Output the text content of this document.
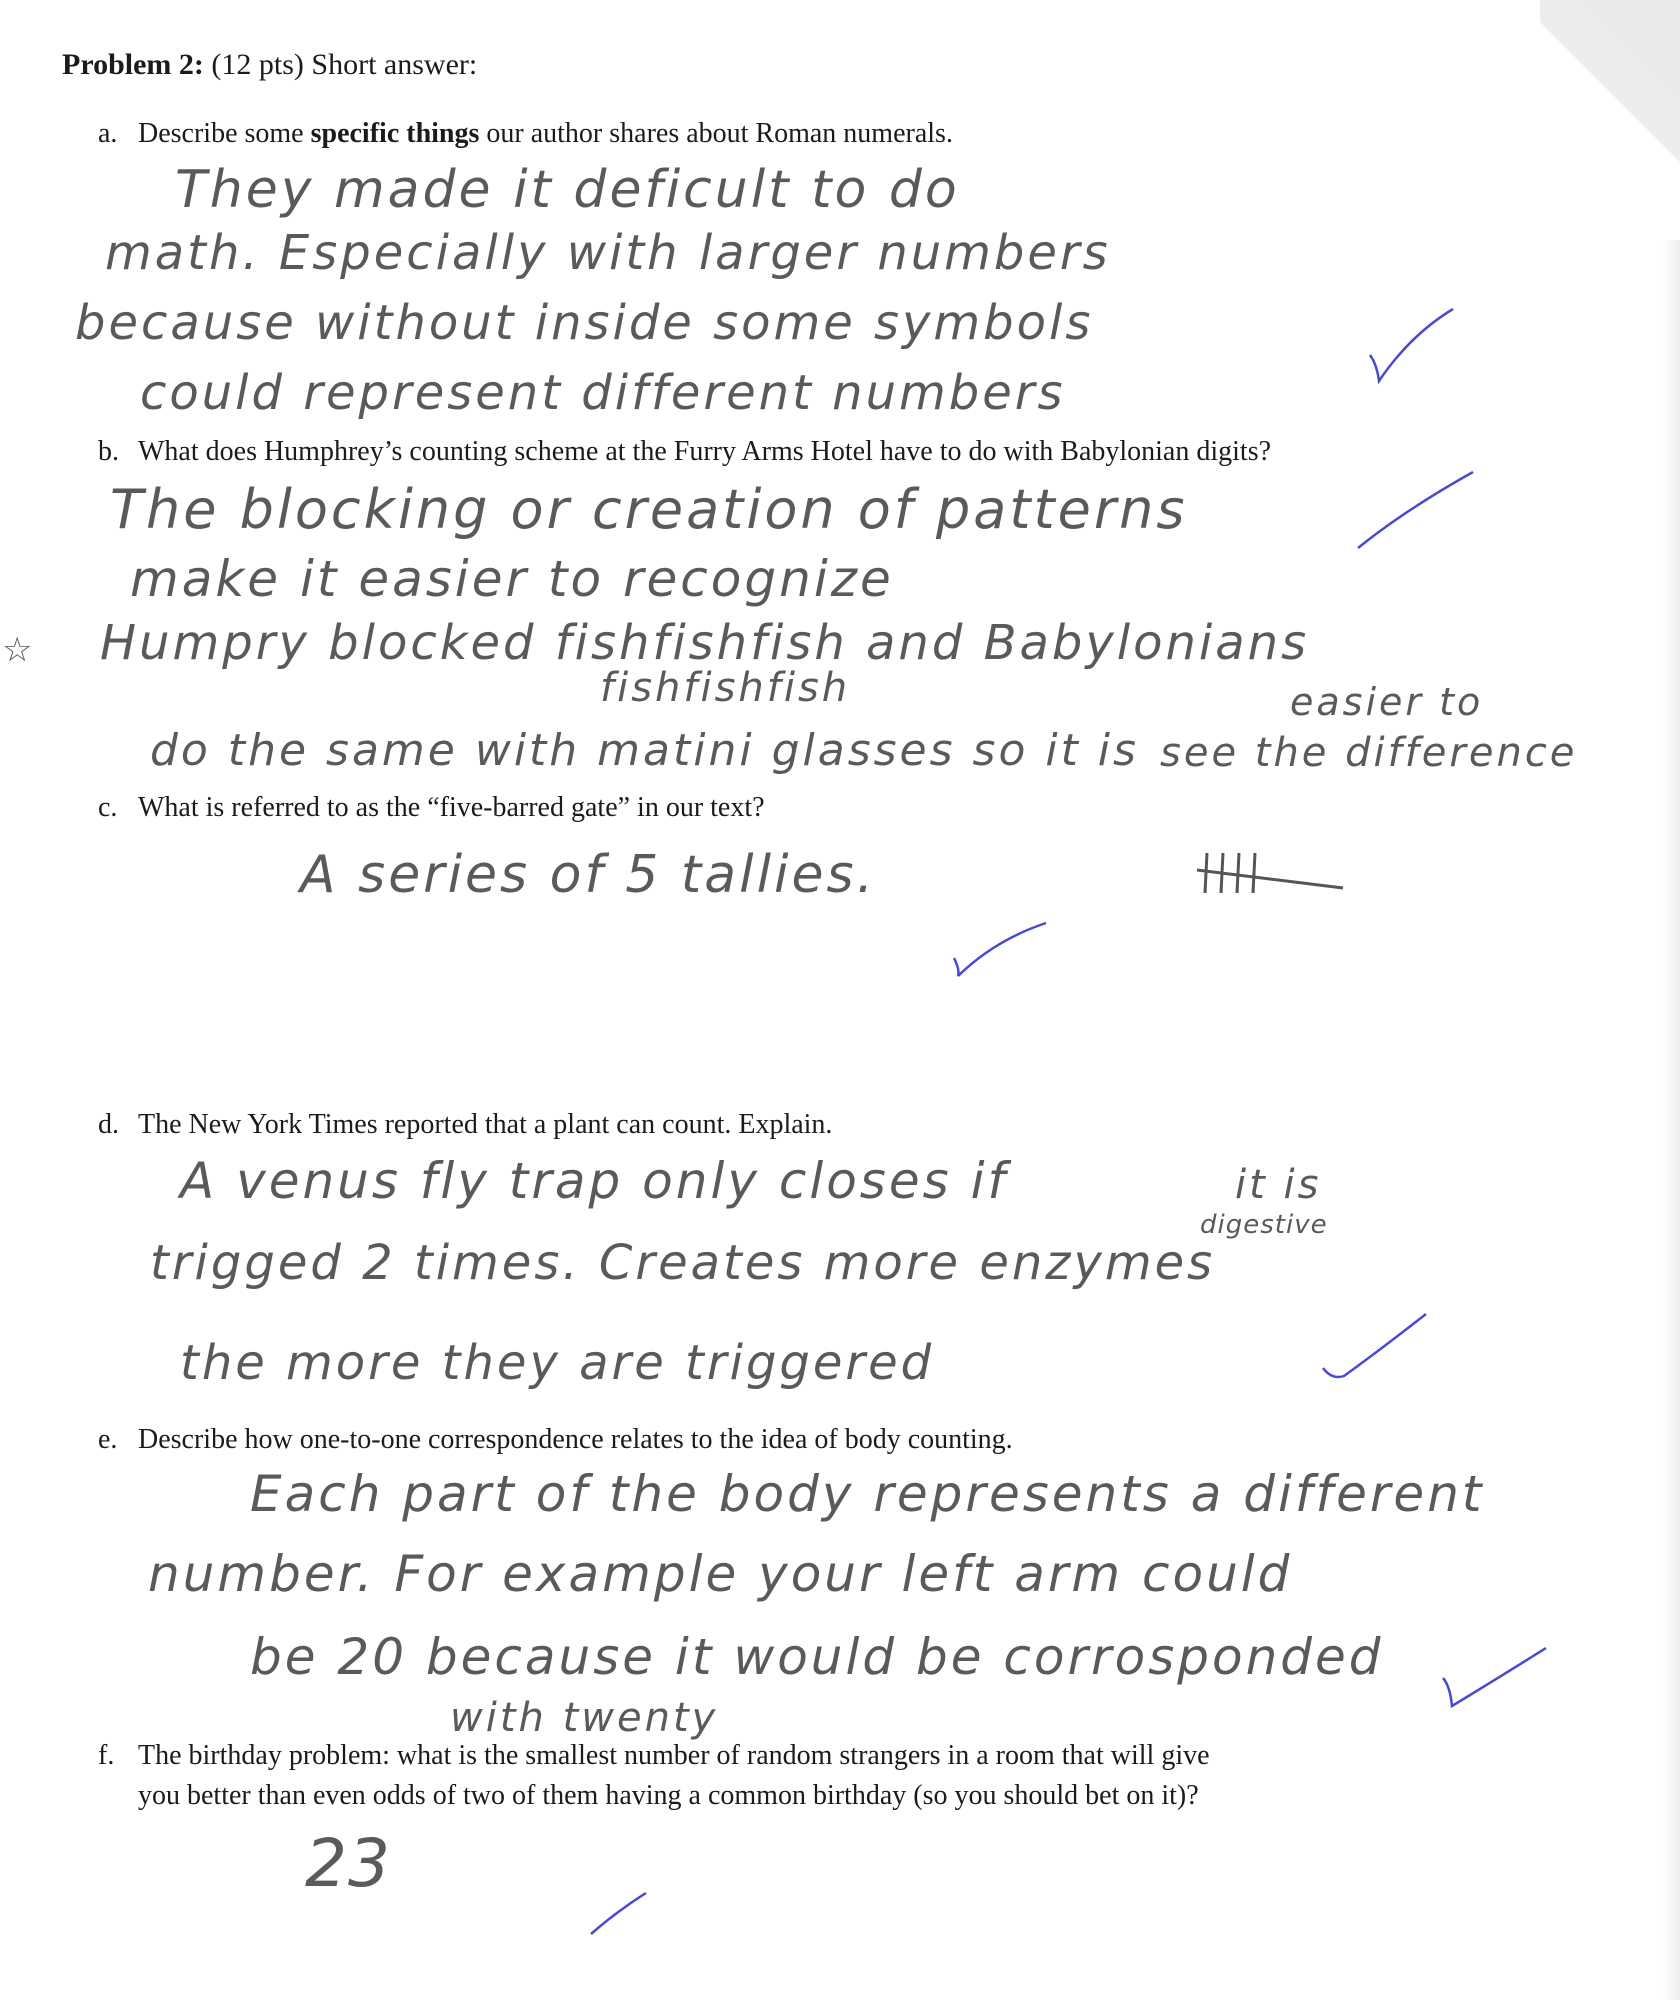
Problem 2: (12 pts) Short answer:
a. Describe some specific things our author shares about Roman numerals.
They made it deficult to do
math. Especially with larger numbers
because without inside some symbols
could represent different numbers
b. What does Humphrey’s counting scheme at the Furry Arms Hotel have to do with Babylonian digits?
The blocking or creation of patterns
make it easier to recognize
Humpry blocked fishfishfish and Babylonians
fishfishfish
do the same with matini glasses so it is
easier to
see the difference
☆
c. What is referred to as the “five-barred gate” in our text?
A series of 5 tallies.
d. The New York Times reported that a plant can count. Explain.
A venus fly trap only closes if	it is
digestive
trigged 2 times. Creates more enzymes
the more they are triggered
e. Describe how one-to-one correspondence relates to the idea of body counting.
Each part of the body represents a different
number. For example your left arm could
be 20 because it would be corrosponded
with twenty
f. The birthday problem: what is the smallest number of random strangers in a room that will give
you better than even odds of two of them having a common birthday (so you should bet on it)?
23
